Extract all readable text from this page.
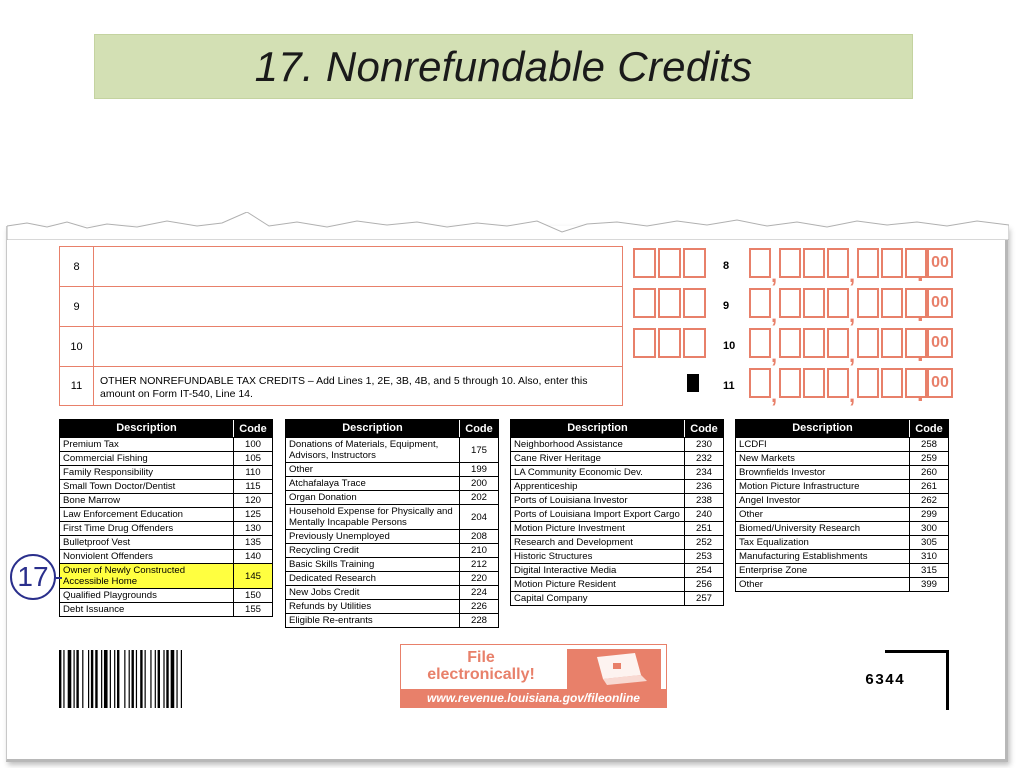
17. Nonrefundable Credits
8
9
10
11	OTHER NONREFUNDABLE TAX CREDITS – Add Lines 1, 2E, 3B, 4B, and 5 through 10. Also, enter this amount on Form IT-540, Line 14.
8 ,	,	. 00
9 ,	,	. 00
10 ,	,	. 00
11 ,	,	. 00
Description	Code
Premium Tax	100
Commercial Fishing	105
Family Responsibility	110
Small Town Doctor/Dentist	115
Bone Marrow	120
Law Enforcement Education	125
First Time Drug Offenders	130
Bulletproof Vest	135
Nonviolent Offenders	140
Owner of Newly Constructed Accessible Home	145
Qualified Playgrounds	150
Debt Issuance	155
Description	Code
Donations of Materials, Equipment, Advisors, Instructors	175
Other	199
Atchafalaya Trace	200
Organ Donation	202
Household Expense for Physically and Mentally Incapable Persons	204
Previously Unemployed	208
Recycling Credit	210
Basic Skills Training	212
Dedicated Research	220
New Jobs Credit	224
Refunds by Utilities	226
Eligible Re-entrants	228
Description	Code
Neighborhood Assistance	230
Cane River Heritage	232
LA Community Economic Dev.	234
Apprenticeship	236
Ports of Louisiana Investor	238
Ports of Louisiana Import Export Cargo	240
Motion Picture Investment	251
Research and Development	252
Historic Structures	253
Digital Interactive Media	254
Motion Picture Resident	256
Capital Company	257
Description	Code
LCDFI	258
New Markets	259
Brownfields Investor	260
Motion Picture Infrastructure	261
Angel Investor	262
Other	299
Biomed/University Research	300
Tax Equalization	305
Manufacturing Establishments	310
Enterprise Zone	315
Other	399
File
electronically!
www.revenue.louisiana.gov/fileonline
6344
17
